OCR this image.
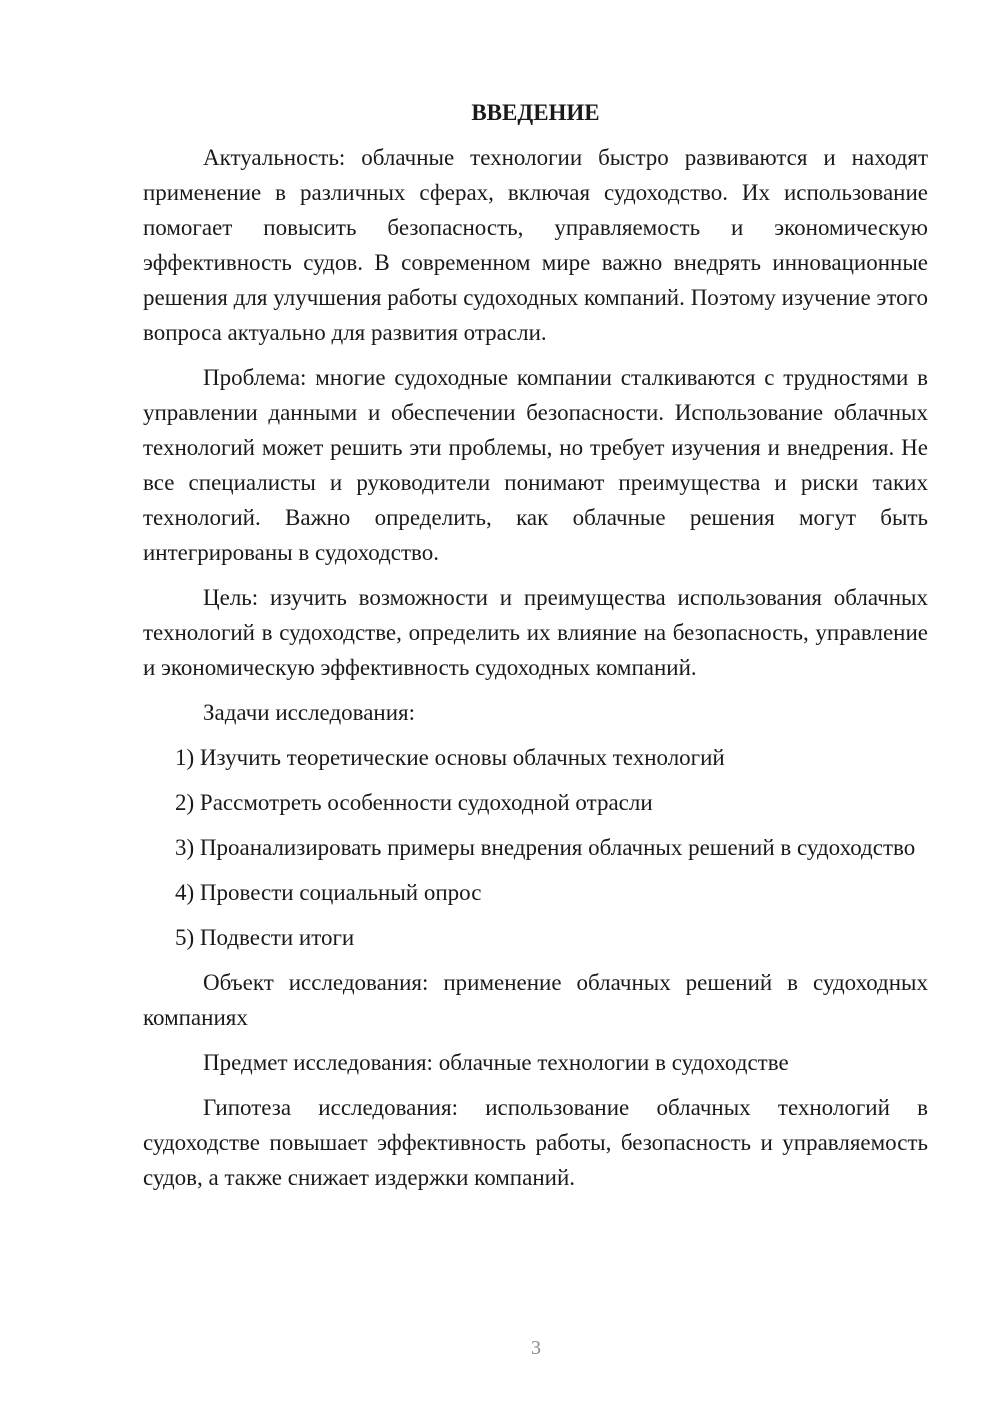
ВВЕДЕНИЕ
Актуальность: облачные технологии быстро развиваются и находят применение в различных сферах, включая судоходство. Их использование помогает повысить безопасность, управляемость и экономическую эффективность судов. В современном мире важно внедрять инновационные решения для улучшения работы судоходных компаний. Поэтому изучение этого вопроса актуально для развития отрасли.
Проблема: многие судоходные компании сталкиваются с трудностями в управлении данными и обеспечении безопасности. Использование облачных технологий может решить эти проблемы, но требует изучения и внедрения. Не все специалисты и руководители понимают преимущества и риски таких технологий. Важно определить, как облачные решения могут быть интегрированы в судоходство.
Цель: изучить возможности и преимущества использования облачных технологий в судоходстве, определить их влияние на безопасность, управление и экономическую эффективность судоходных компаний.
Задачи исследования:
1) Изучить теоретические основы облачных технологий
2) Рассмотреть особенности судоходной отрасли
3) Проанализировать примеры внедрения облачных решений в судоходство
4) Провести социальный опрос
5) Подвести итоги
Объект исследования: применение облачных решений в судоходных компаниях
Предмет исследования: облачные технологии в судоходстве
Гипотеза исследования: использование облачных технологий в судоходстве повышает эффективность работы, безопасность и управляемость судов, а также снижает издержки компаний.
3
